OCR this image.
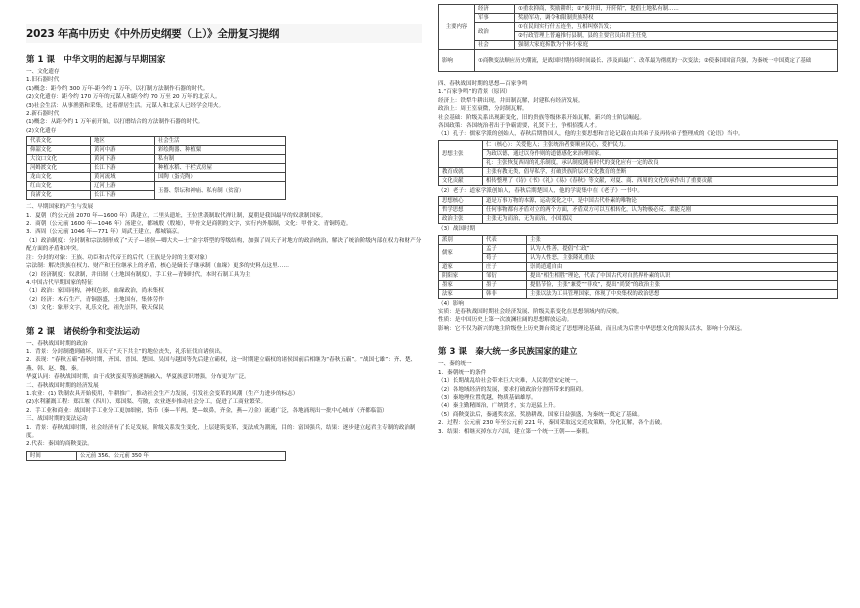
2023 年高中历史《中外历史纲要（上）》全册复习提纲
第 1 课　中华文明的起源与早期国家
一、文化遗存
1.旧石器时代
(1)概念：距今约 300 万年-距今约 1 万年，以打制方法制作石器的时代。
(2)文化遗存：距今约 170 万年的元谋人和距今约 70 万至 20 万年的北京人。
(3)社会生活：从事渔猎和采集，过着群居生活。元谋人和北京人已经学会用火。
2.新石器时代
(1)概念：从距今约 1 万年前开始，以打磨结合的方法制作石器的时代。
(2)文化遗存
代表文化	地区	社会生活
仰韶文化	黄河中游	彩绘陶器、种植粟
大汶口文化	黄河下游	私有制
河姆渡文化	长江下游	种植水稻、干栏式房屋
龙山文化	黄河流域	国陶（蛋壳陶）
红山文化	辽河上游	玉器、祭坛和神庙、私有制（贫富）
良渚文化	长江下游	
二、早期国家的产生与发展
1．夏朝（约公元前 2070 年—1600 年）禹建立，二里头遗址，王位世袭制取代禅让制，夏朝是我国最早的奴隶制国家。
2．商朝（公元前 1600 年—1046 年）汤建立，都城殷（殷墟），甲骨文是商朝的文字，实行内外服制，文化：甲骨文、青铜铸造。
3．西周（公元前 1046 年—771 年）周武王建立，都城镐京。
（1）政治制度：分封制和宗法制形成了“天子—诸侯—卿大夫—士”金字塔型的等级结构，加强了周天子对地方的政治统治，解决了统治阶级内部在权力和财产分配方面的矛盾和冲突。
注：分封的对象：王族、功臣和古代帝王的后代（王族是分封的主要对象）
宗法制：解决贵族在权力、财产和王位继承上的矛盾，核心是嫡长子继承制（血缘）更多的史料点这里……
（2）经济制度：奴隶制，井田制（土地国有制度），手工业—青铜时代，本时石制工具为主
4.中国古代早期国家的特征
（1）政治：家国同构，神权色彩，血缘政治，尚未集权
（2）经济：木石生产，青铜器盛，土地国有，集体劳作
（3）文化：象形文字，礼乐文化，祖先崇拜，敬天保民
第 2 课　诸侯纷争和变法运动
一、春秋战国时期的政治
1．背景：分封制遭到破坏，周天子“天下共主”的地位丧失，礼乐征伐自诸侯出。
2．表现：“春秋五霸”春秋时期，齐国、晋国、楚国、吴国与越国等先后建立霸权，这一时期建立霸权的诸侯国前后相继为“春秋五霸”。“战国七雄”：齐、楚、燕、韩、赵、魏、秦。
华夏认同：春秋战国时期，由于戎狄蛮夷等族逐渐融入，华夏族意识增强，分布更为广泛。
二、春秋战国时期的经济发展
1.农业：(1) 铁制农具开始使用，牛耕推广，推动社会生产力发展，引发社会变革的风潮（生产力进步的标志）
(2)水利灌溉工程：郑江堰（四川）、郑国渠、芍陂，农业逐步推动社会分工，促进了工商业繁荣。
2．手工业和商业：战国时手工业分工更加细密，货币（秦—半两，楚—蚁鼻，齐金，燕—刀金）流通广泛，各地涌现出一批中心城市（齐都临淄）
三、战国时期的变法运动
1．背景：春秋战国时期，社会经济有了长足发展，阶级关系发生变化，上层建筑变革，变法成为潮流，目的：富国强兵，结果：逐步建立起君主专制的政治制度。
2.代表：秦国的商鞅变法。
时间	公元前 356、公元前 350 年
主要内容	经济	①重农抑商，奖励耕织；②“废井田，开阡陌”，提倡土地私有制……
	军事	奖励军功，调令和限制贵族特权
	政治	①在民间实行什五连坐，互相纠察告发；
		②行政管理上普遍推行县制，县的主要官员由君主任免
	社会	强制大家庭拆散为个体小家庭
影响	①商鞅变法顺应历史潮流，是战国时期持续时间最长、涉及面最广、改革最为彻底的一次变法；②使秦国国富兵强，为秦统一中国奠定了基础	
四、春秋战国时期的思想—百家争鸣
1.“百家争鸣”的背景（原因）
经济上：铁犁牛耕出现，井田制瓦解，封建私有经济发展。
政治上：周王室衰微，分封制瓦解。
社会基础：阶级关系出现新变化，旧的贵族等级体系开始瓦解，新兴的士阶层崛起。
各国政策：各国统治者出于争霸需要，礼贤下士，争相招揽人才。
（1）孔子：儒家学派的创始人，春秋后期鲁国人，他的主要思想和言论记载在由其弟子及再传弟子整理成的《论语》当中。
思想主张	仁（核心）：关爱他人；主张统治者要顺应民心，爱护民力。
	为政以德，通过以身作则的道德感化来治理国家。
	礼：主张恢复西周的礼乐制度，承认制度随着时代的变化应有一定的改良
教育成就	主张有教无类，倡导私学，打破贵族阶层对文化教育的垄断
文化贡献	相传整理了《诗》《书》《礼》《易》《春秋》等文献，对夏、商、西周的文化传承作出了重要贡献
（2）老子：道家学派创始人，春秋后期楚国人，他的学说集中在《老子》一书中。
思想核心	道是万事万物的本源，运动变化之中，是中国古代朴素的唯物论
哲学思想	任何事物都有矛盾对立的两个方面，矛盾双方可以互相转化，认为物极必反、柔能克刚
政治主张	主张无为而治，无为而治，小国寡民
（3）战国时期
派别	代表	主张
儒家	孟子	认为人性善，提倡“仁政”
	荀子	认为人性恶，主张隆礼重法
道家	庄子	崇尚逍遥自由
阴阳家	邹衍	提出“相生相胜”理论，代表了中国古代对自然界朴素的认识
墨家	墨子	提倡节俭，主张“兼爱”“非攻”，提出“尚贤”的政治主张
法家	韩非	主张以法为工具管理国家，体现了中央集权的政治思想
（4）影响
实质：是春秋战国时期社会经济发展、阶级关系变化在思想领域内的反映。
性质：是中国历史上第一次波澜壮阔的思想解放运动。
影响：它不仅为新兴的地主阶级登上历史舞台奠定了思想理论基础，而且成为后世中华思想文化的源头活水，影响十分深远。
第 3 课　秦大统一多民族国家的建立
一、秦的统一
1．秦朝统一的条件
（1）长期战乱给社会带来巨大灾难，人民渴望安定统一。
（2）各地域经济的发展，要求打破政治分割所带来的阻碍。
（3）秦地理位置优越，物质基础雄厚。
（4）秦主勤精图治，广纳贤才，实力迅猛上升。
（5）商鞅变法后，秦通奖农富，奖励耕战，国家日益强盛，为秦统一奠定了基础。
2．过程：公元前 230 年至公元前 221 年，秦国采取远交近攻策略，分化瓦解，各个击破。
3．结果：相继灭掉东方六国，建立第一个统一王朝——秦朝。
